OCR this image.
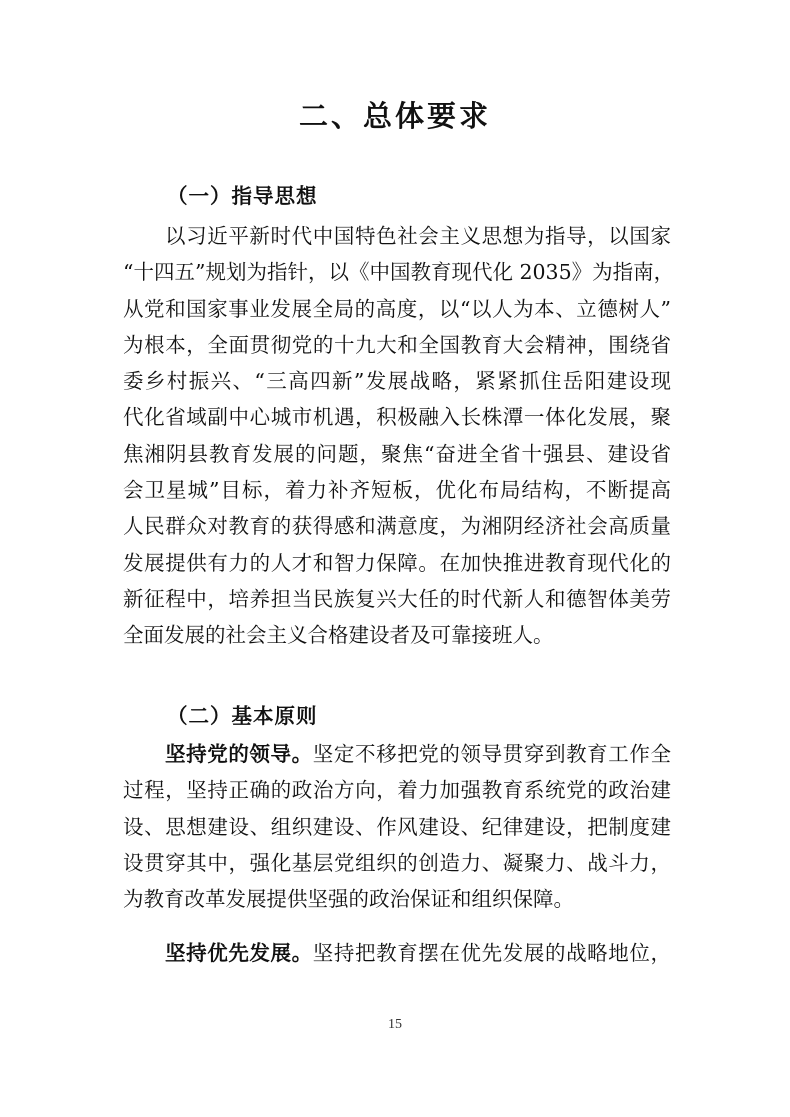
二、总体要求
（一）指导思想
以习近平新时代中国特色社会主义思想为指导，以国家
“十四五”规划为指针，以《中国教育现代化 2035》为指南，
从党和国家事业发展全局的高度，以“以人为本、立德树人”
为根本，全面贯彻党的十九大和全国教育大会精神，围绕省
委乡村振兴、“三高四新”发展战略，紧紧抓住岳阳建设现
代化省域副中心城市机遇，积极融入长株潭一体化发展，聚
焦湘阴县教育发展的问题，聚焦“奋进全省十强县、建设省
会卫星城”目标，着力补齐短板，优化布局结构，不断提高
人民群众对教育的获得感和满意度，为湘阴经济社会高质量
发展提供有力的人才和智力保障。在加快推进教育现代化的
新征程中，培养担当民族复兴大任的时代新人和德智体美劳
全面发展的社会主义合格建设者及可靠接班人。
（二）基本原则
坚持党的领导。坚定不移把党的领导贯穿到教育工作全
过程，坚持正确的政治方向，着力加强教育系统党的政治建
设、思想建设、组织建设、作风建设、纪律建设，把制度建
设贯穿其中，强化基层党组织的创造力、凝聚力、战斗力，
为教育改革发展提供坚强的政治保证和组织保障。
坚持优先发展。坚持把教育摆在优先发展的战略地位，
15
